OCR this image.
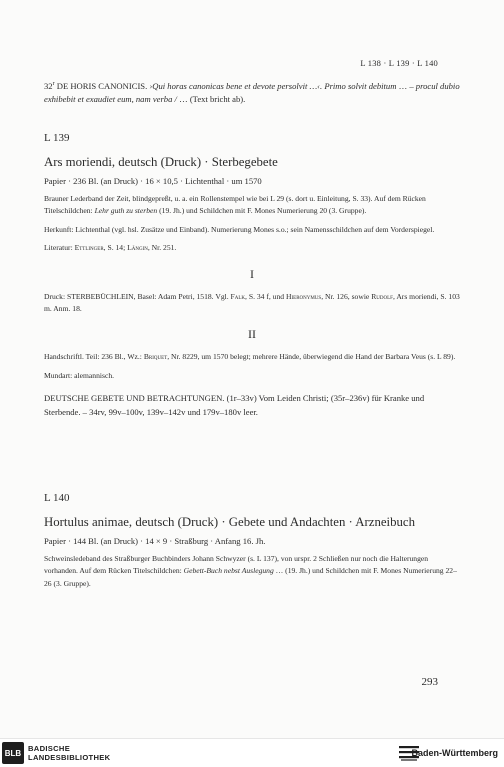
L 138 · L 139 · L 140

32$^r$ DE HORIS CANONICIS. ›Qui horas canonicas bene et devote persolvit …‹. Primo solvit debitum … – procul dubio exhibebit et exaudiet eum, nam verba / … (Text bricht ab).

L 139
Ars moriendi, deutsch (Druck) · Sterbegebete

Papier · 236 Bl. (an Druck) · 16 × 10,5 · Lichtenthal · um 1570

Brauner Lederband der Zeit, blindgepreßt, u. a. ein Rollenstempel wie bei L 29 (s. dort u. Einleitung, S. 33). Auf dem Rücken Titelschildchen: Lehr guth zu sterben (19. Jh.) und Schildchen mit F. Mones Numerierung 20 (3. Gruppe).

Herkunft: Lichtenthal (vgl. hsl. Zusätze und Einband). Numerierung Mones s.o.; sein Namensschildchen auf dem Vorderspiegel.

Literatur: Ettlinger, S. 14; Längin, Nr. 251.

I

Druck: STERBEBÜCHLEIN, Basel: Adam Petri, 1518. Vgl. Falk, S. 34 f, und Hieronymus, Nr. 126, sowie Rudolf, Ars moriendi, S. 103 m. Anm. 18.

II

Handschriftl. Teil: 236 Bl., Wz.: Briquet, Nr. 8229, um 1570 belegt; mehrere Hände, überwiegend die Hand der Barbara Veus (s. L 89).

Mundart: alemannisch.

DEUTSCHE GEBETE UND BETRACHTUNGEN. (1r–33v) Vom Leiden Christi; (35r–236v) für Kranke und Sterbende. – 34rv, 99v–100v, 139v–142v und 179v–180v leer.

L 140
Hortulus animae, deutsch (Druck) · Gebete und Andachten · Arzneibuch

Papier · 144 Bl. (an Druck) · 14 × 9 · Straßburg · Anfang 16. Jh.

Schweinsledeband des Straßburger Buchbinders Johann Schwyzer (s. L 137), von urspr. 2 Schließen nur noch die Halterungen vorhanden. Auf dem Rücken Titelschildchen: Gebett-Buch nebst Auslegung … (19. Jh.) und Schildchen mit F. Mones Numerierung 22–26 (3. Gruppe).

293
BLB BADISCHE
LANDESBIBLIOTHEK	Baden-Württemberg
